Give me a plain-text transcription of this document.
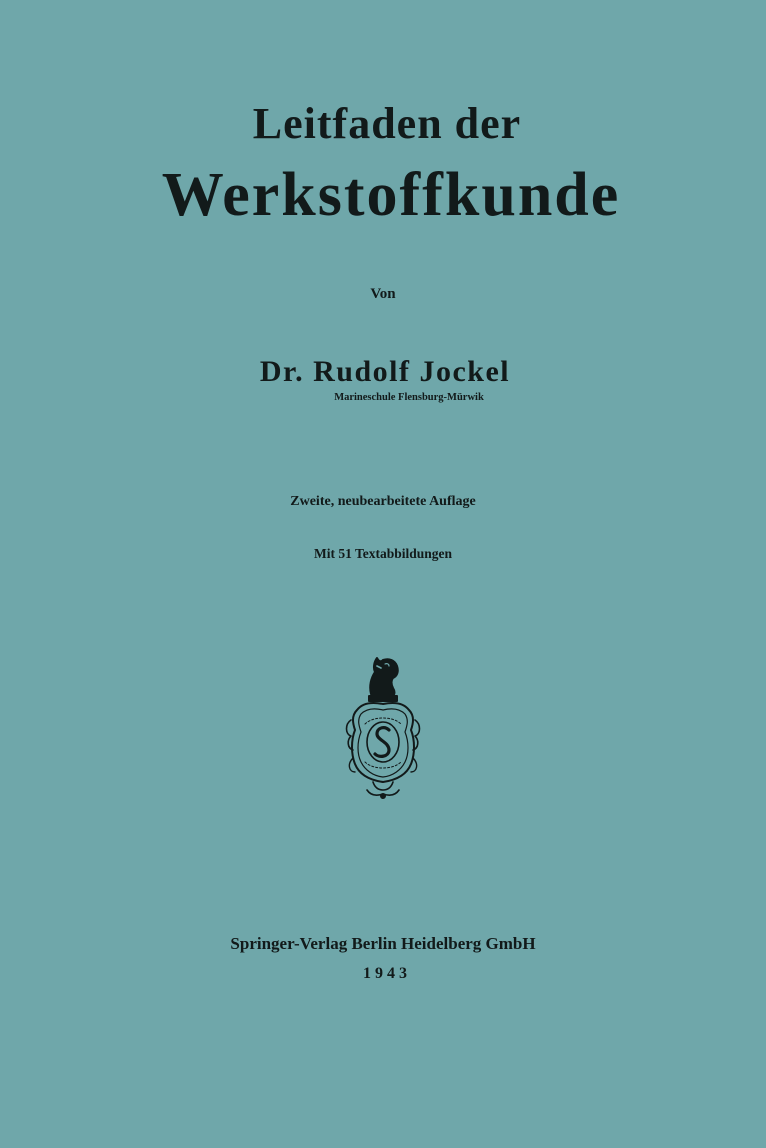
Leitfaden der
Werkstoffkunde
Von
Dr. Rudolf Jockel
Marineschule Flensburg-Mürwik
Zweite, neubearbeitete Auflage
Mit 51 Textabbildungen
Springer-Verlag Berlin Heidelberg GmbH
1943
